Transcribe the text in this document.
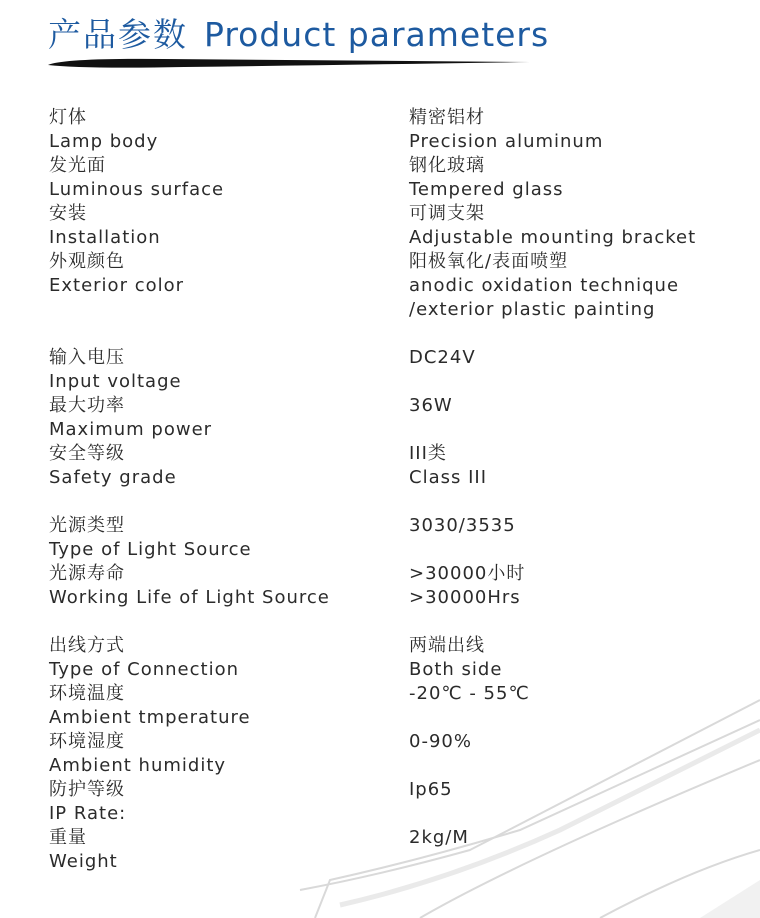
产品参数 Product parameters
灯体
Lamp body
精密铝材
Precision aluminum
发光面
Luminous surface
钢化玻璃
Tempered glass
安装
Installation
可调支架
Adjustable mounting bracket
外观颜色
Exterior color
阳极氧化/表面喷塑
anodic oxidation technique
/exterior plastic painting
输入电压
Input voltage
DC24V
最大功率
Maximum power
36W
安全等级
Safety grade
III类
Class III
光源类型
Type of Light Source
3030/3535
光源寿命
Working Life of Light Source
>30000小时
>30000Hrs
出线方式
Type of Connection
两端出线
Both side
环境温度
Ambient tmperature
-20℃ - 55℃
环境湿度
Ambient humidity
0-90%
防护等级
IP Rate:
Ip65
重量
Weight
2kg/M
